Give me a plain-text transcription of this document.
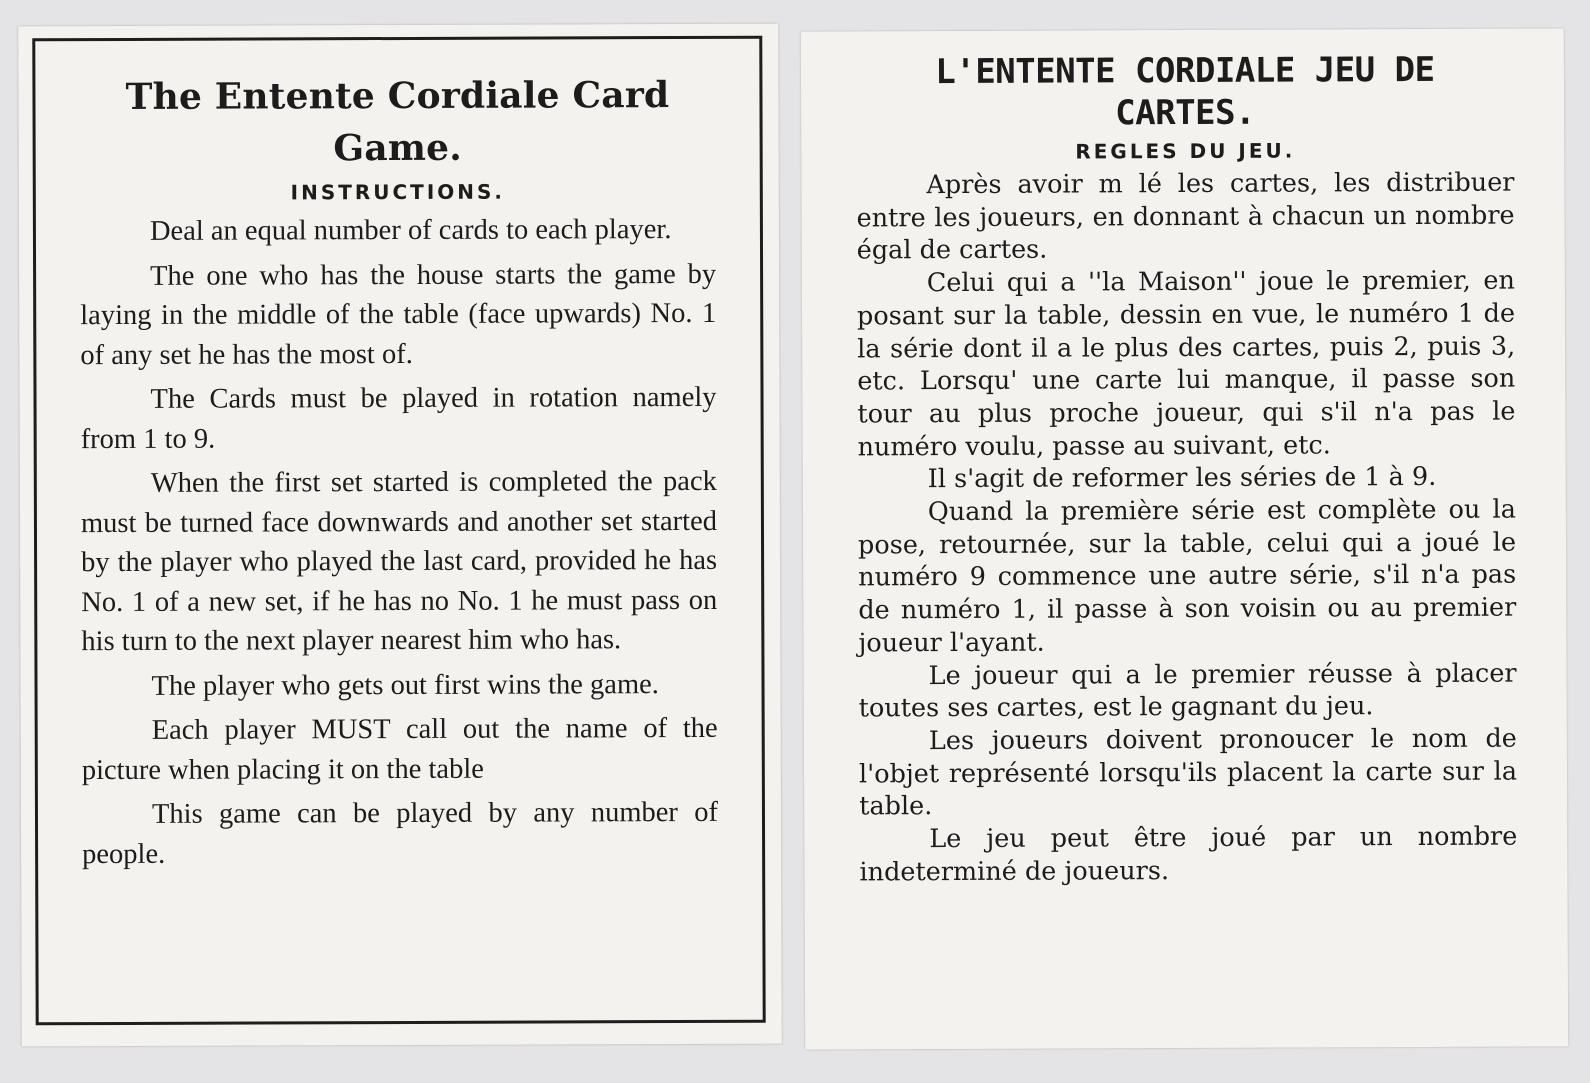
The Entente Cordiale Card Game.
INSTRUCTIONS.

Deal an equal number of cards to each player.

The one who has the house starts the game by laying in the middle of the table (face upwards) No. 1 of any set he has the most of.

The Cards must be played in rotation namely from 1 to 9.

When the first set started is completed the pack must be turned face downwards and another set started by the player who played the last card, provided he has No. 1 of a new set, if he has no No. 1 he must pass on his turn to the next player nearest him who has.

The player who gets out first wins the game.

Each player MUST call out the name of the picture when placing it on the table

This game can be played by any number of people.

L'ENTENTE CORDIALE JEU DE CARTES.
REGLES DU JEU.

Après avoir m lé les cartes, les distribuer entre les joueurs, en donnant à chacun un nombre égal de cartes.

Celui qui a ''la Maison'' joue le premier, en posant sur la table, dessin en vue, le numéro 1 de la série dont il a le plus des cartes, puis 2, puis 3, etc. Lorsqu' une carte lui manque, il passe son tour au plus proche joueur, qui s'il n'a pas le numéro voulu, passe au suivant, etc.

Il s'agit de reformer les séries de 1 à 9.

Quand la première série est complète ou la pose, retournée, sur la table, celui qui a joué le numéro 9 commence une autre série, s'il n'a pas de numéro 1, il passe à son voisin ou au premier joueur l'ayant.

Le joueur qui a le premier réusse à placer toutes ses cartes, est le gagnant du jeu.

Les joueurs doivent pronoucer le nom de l'objet représenté lorsqu'ils placent la carte sur la table.

Le jeu peut être joué par un nombre indeterminé de joueurs.
